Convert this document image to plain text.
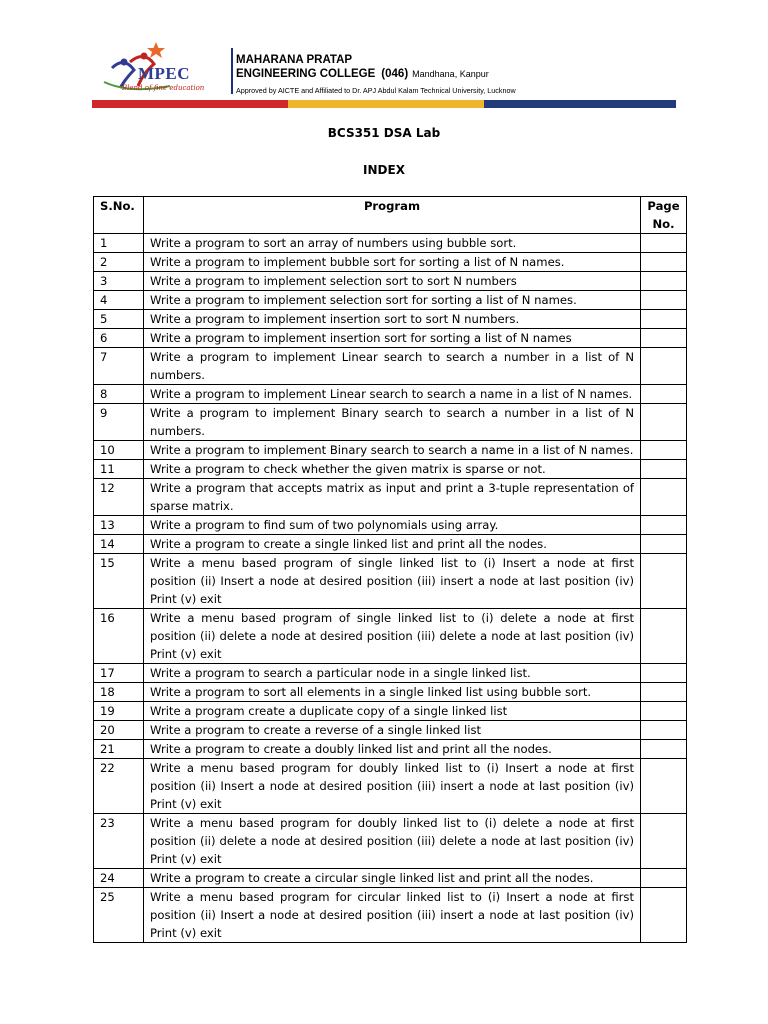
MPEC
Blend of fine education
MAHARANA PRATAP
ENGINEERING COLLEGE (046) Mandhana, Kanpur
Approved by AICTE and Affiliated to Dr. APJ Abdul Kalam Technical University, Lucknow
BCS351 DSA Lab
INDEX
S.No.	Program	Page No.
1	Write a program to sort an array of numbers using bubble sort.	
2	Write a program to implement bubble sort for sorting a list of N names.	
3	Write a program to implement selection sort to sort N numbers	
4	Write a program to implement selection sort for sorting a list of N names.	
5	Write a program to implement insertion sort to sort N numbers.	
6	Write a program to implement insertion sort for sorting a list of N names	
7	Write a program to implement Linear search to search a number in a list of N numbers.	
8	Write a program to implement Linear search to search a name in a list of N names.	
9	Write a program to implement Binary search to search a number in a list of N numbers.	
10	Write a program to implement Binary search to search a name in a list of N names.	
11	Write a program to check whether the given matrix is sparse or not.	
12	Write a program that accepts matrix as input and print a 3-tuple representation of sparse matrix.	
13	Write a program to find sum of two polynomials using array.	
14	Write a program to create a single linked list and print all the nodes.	
15	Write a menu based program of single linked list to (i) Insert a node at first position (ii) Insert a node at desired position (iii) insert a node at last position (iv) Print (v) exit	
16	Write a menu based program of single linked list to (i) delete a node at first position (ii) delete a node at desired position (iii) delete a node at last position (iv) Print (v) exit	
17	Write a program to search a particular node in a single linked list.	
18	Write a program to sort all elements in a single linked list using bubble sort.	
19	Write a program create a duplicate copy of a single linked list	
20	Write a program to create a reverse of a single linked list	
21	Write a program to create a doubly linked list and print all the nodes.	
22	Write a menu based program for doubly linked list to (i) Insert a node at first position (ii) Insert a node at desired position (iii) insert a node at last position (iv) Print (v) exit	
23	Write a menu based program for doubly linked list to (i) delete a node at first position (ii) delete a node at desired position (iii) delete a node at last position (iv) Print (v) exit	
24	Write a program to create a circular single linked list and print all the nodes.	
25	Write a menu based program for circular linked list to (i) Insert a node at first position (ii) Insert a node at desired position (iii) insert a node at last position (iv) Print (v) exit	
